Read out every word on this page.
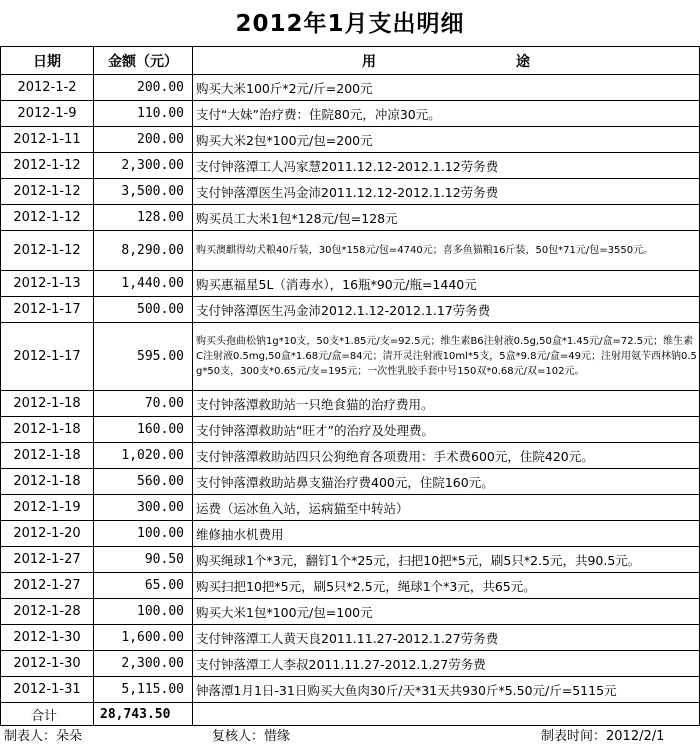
2012年1月支出明细
日期	金额（元）	用 途
2012-1-2	200.00	购买大米100斤*2元/斤=200元
2012-1-9	110.00	支付“大妹”治疗费：住院80元，冲凉30元。
2012-1-11	200.00	购买大米2包*100元/包=200元
2012-1-12	2,300.00	支付钟落潭工人冯家慧2011.12.12-2012.1.12劳务费
2012-1-12	3,500.00	支付钟落潭医生冯金沛2011.12.12-2012.1.12劳务费
2012-1-12	128.00	购买员工大米1包*128元/包=128元
2012-1-12	8,290.00	购买澳麒得幼犬粮40斤装，30包*158元/包=4740元；喜多鱼猫粮16斤装，50包*71元/包=3550元。
2012-1-13	1,440.00	购买惠福星5L（消毒水），16瓶*90元/瓶=1440元
2012-1-17	500.00	支付钟落潭医生冯金沛2012.1.12-2012.1.17劳务费
2012-1-17	595.00	购买头孢曲松钠1g*10支，50支*1.85元/支=92.5元；维生素B6注射液0.5g,50盒*1.45元/盒=72.5元；维生素C注射液0.5mg,50盒*1.68元/盒=84元；清开灵注射液10ml*5支，5盒*9.8元/盒=49元；注射用氨苄西林钠0.5g*50支，300支*0.65元/支=195元；一次性乳胶手套中号150双*0.68元/双=102元。
2012-1-18	70.00	支付钟落潭救助站一只绝食猫的治疗费用。
2012-1-18	160.00	支付钟落潭救助站“旺才”的治疗及处理费。
2012-1-18	1,020.00	支付钟落潭救助站四只公狗绝育各项费用：手术费600元，住院420元。
2012-1-18	560.00	支付钟落潭救助站鼻支猫治疗费400元，住院160元。
2012-1-19	300.00	运费（运冰鱼入站，运病猫至中转站）
2012-1-20	100.00	维修抽水机费用
2012-1-27	90.50	购买绳球1个*3元，翻钉1个*25元，扫把10把*5元，刷5只*2.5元，共90.5元。
2012-1-27	65.00	购买扫把10把*5元，刷5只*2.5元，绳球1个*3元，共65元。
2012-1-28	100.00	购买大米1包*100元/包=100元
2012-1-30	1,600.00	支付钟落潭工人黄天良2011.11.27-2012.1.27劳务费
2012-1-30	2,300.00	支付钟落潭工人李叔2011.11.27-2012.1.27劳务费
2012-1-31	5,115.00	钟落潭1月1日-31日购买大鱼肉30斤/天*31天共930斤*5.50元/斤=5115元
合计	28,743.50	
制表人：朵朵	复核人：惜缘	制表时间：2012/2/1
